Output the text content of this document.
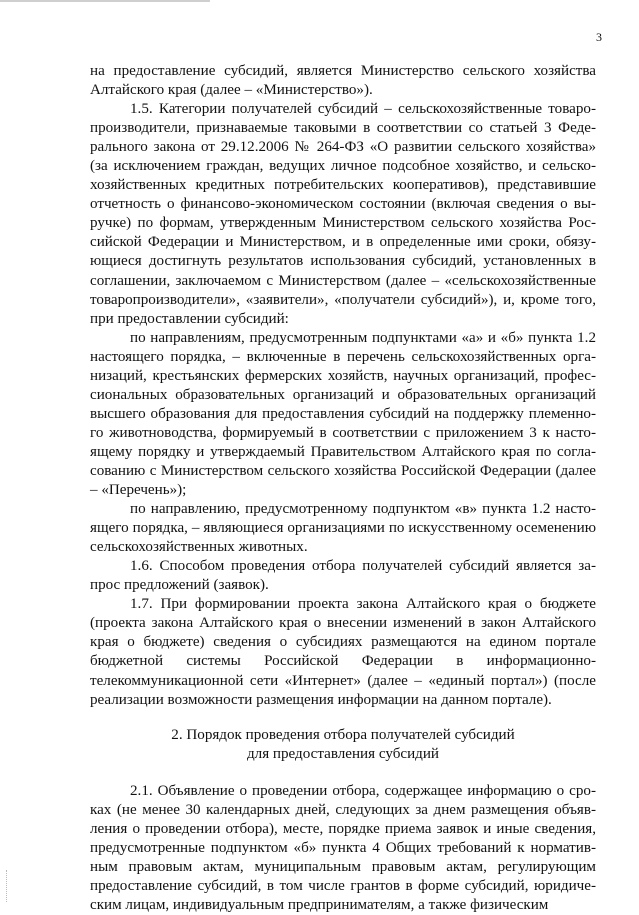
3

на предоставление субсидий, является Министерство сельского хозяйства Алтайского края (далее – «Министерство»).

1.5. Категории получателей субсидий – сельскохозяйственные товаропроизводители, признаваемые таковыми в соответствии со статьей 3 Федерального закона от 29.12.2006 № 264-ФЗ «О развитии сельского хозяйства» (за исключением граждан, ведущих личное подсобное хозяйство, и сельскохозяйственных кредитных потребительских кооперативов), представившие отчетность о финансово-экономическом состоянии (включая сведения о выручке) по формам, утвержденным Министерством сельского хозяйства Российской Федерации и Министерством, и в определенные ими сроки, обязующиеся достигнуть результатов использования субсидий, установленных в соглашении, заключаемом с Министерством (далее – «сельскохозяйственные товаропроизводители», «заявители», «получатели субсидий»), и, кроме того, при предоставлении субсидий:

по направлениям, предусмотренным подпунктами «а» и «б» пункта 1.2 настоящего порядка, – включенные в перечень сельскохозяйственных организаций, крестьянских фермерских хозяйств, научных организаций, профессиональных образовательных организаций и образовательных организаций высшего образования для предоставления субсидий на поддержку племенного животноводства, формируемый в соответствии с приложением 3 к настоящему порядку и утверждаемый Правительством Алтайского края по согласованию с Министерством сельского хозяйства Российской Федерации (далее – «Перечень»);

по направлению, предусмотренному подпунктом «в» пункта 1.2 настоящего порядка, – являющиеся организациями по искусственному осеменению сельскохозяйственных животных.

1.6. Способом проведения отбора получателей субсидий является запрос предложений (заявок).

1.7. При формировании проекта закона Алтайского края о бюджете (проекта закона Алтайского края о внесении изменений в закон Алтайского края о бюджете) сведения о субсидиях размещаются на едином портале бюджетной системы Российской Федерации в информационно-телекоммуникационной сети «Интернет» (далее – «единый портал») (после реализации возможности размещения информации на данном портале).

2. Порядок проведения отбора получателей субсидий
для предоставления субсидий

2.1. Объявление о проведении отбора, содержащее информацию о сроках (не менее 30 календарных дней, следующих за днем размещения объявления о проведении отбора), месте, порядке приема заявок и иные сведения, предусмотренные подпунктом «б» пункта 4 Общих требований к нормативным правовым актам, муниципальным правовым актам, регулирующим предоставление субсидий, в том числе грантов в форме субсидий, юридическим лицам, индивидуальным предпринимателям, а также физическим
